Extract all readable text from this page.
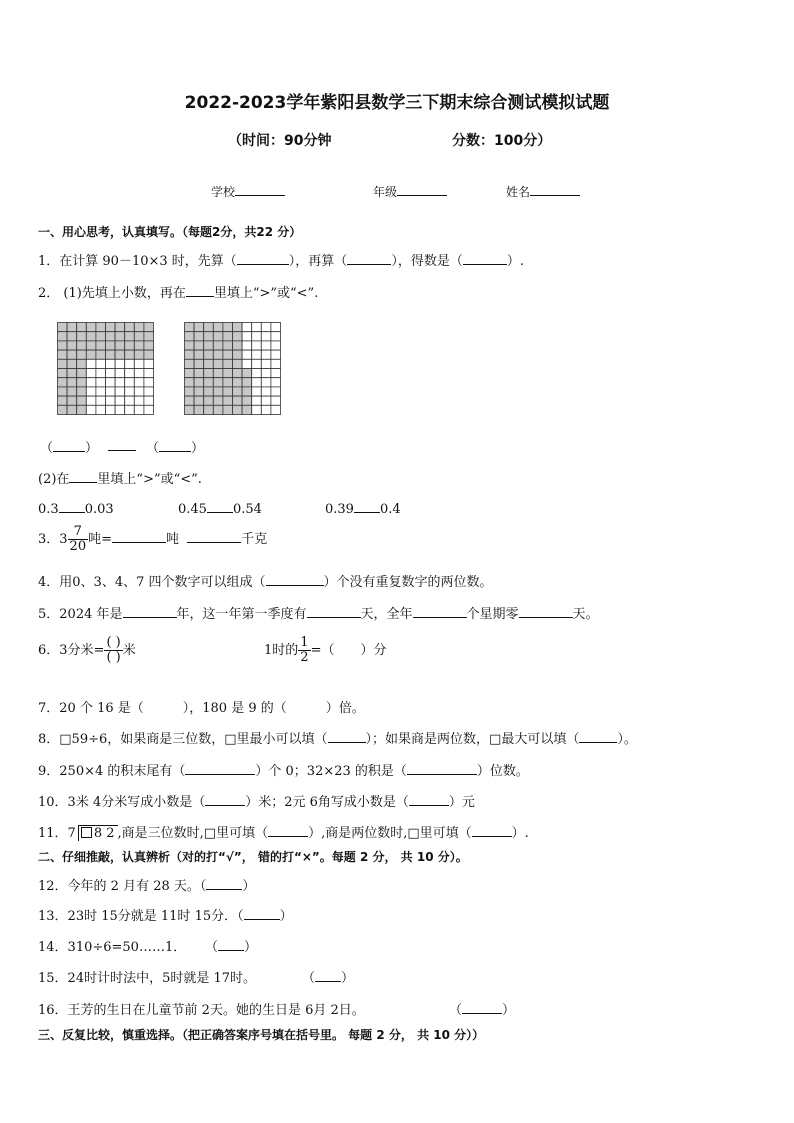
2022-2023学年紫阳县数学三下期末综合测试模拟试题
（时间：90分钟	分数：100分）
学校	年级	姓名
一、用心思考，认真填写。（每题2分，共22 分）
1．在计算 90－10×3 时，先算（	），再算（	），得数是（	）.
2． (1)先填上小数，再在 里填上“>”或“<”.
（ ）	（ ）
(2)在 里填上“>”或“<”.
0.3 0.03	0.45 0.54	0.39 0.4
3．$3 \frac{7}{20}$ 吨=	吨	千克
4．用0、3、4、7 四个数字可以组成（	）个没有重复数字的两位数。
5．2024 年是	年，这一年第一季度有	天，全年	个星期零	天。
6．3分米= $\frac{( )}{( )}$ 米	1时的 $\frac{1}{2}$ =（　　）分
7．20 个 16 是（　　　），180 是 9 的（　　　）倍。
8．□59÷6，如果商是三位数，□里最小可以填（	）；如果商是两位数，□最大可以填（	）。
9．250×4 的积末尾有（	）个 0；32×23 的积是（	）位数。
10．3米 4分米写成小数是（	）米；2元 6角写成小数是（	）元
11．7 8 2 ,商是三位数时,□里可填（	）,商是两位数时,□里可填（	）.
二、仔细推敲，认真辨析（对的打“√”， 错的打“×”。每题 2 分， 共 10 分）。
12．今年的 2 月有 28 天。（	）
13．23时 15分就是 11时 15分．（	）
14．310÷6=50……1． （ ）
15．24时计时法中，5时就是 17时。	（ ）
16．王芳的生日在儿童节前 2天。她的生日是 6月 2日。	（	）
三、反复比较，慎重选择。（把正确答案序号填在括号里。 每题 2 分， 共 10 分））
